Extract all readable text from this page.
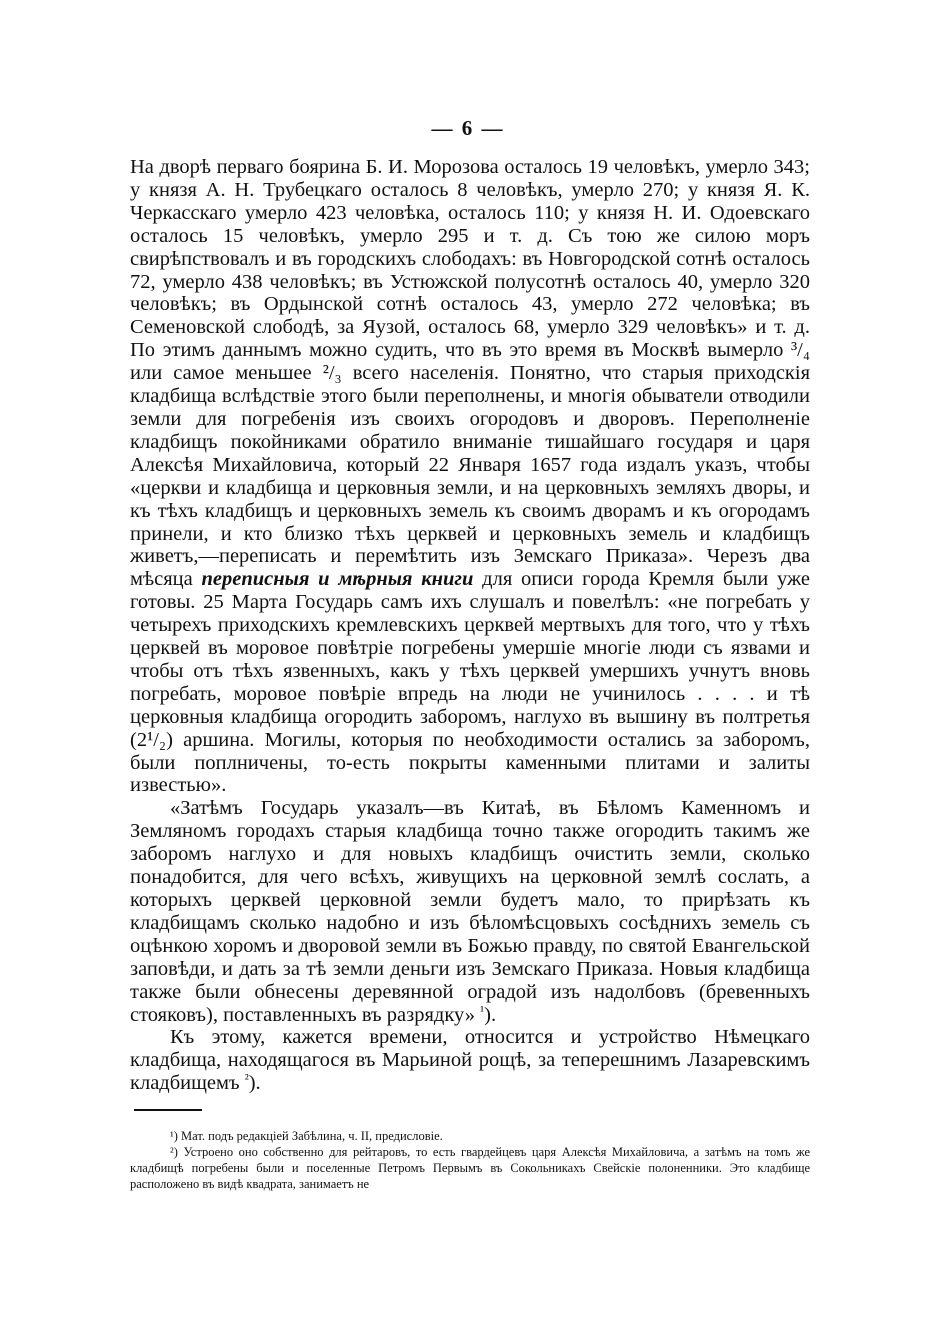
— 6 —

На дворѣ перваго боярина Б. И. Морозова осталось 19 человѣкъ, умерло 343; у князя А. Н. Трубецкаго осталось 8 человѣкъ, умерло 270; у князя Я. К. Черкасскаго умерло 423 человѣка, осталось 110; у князя Н. И. Одоевскаго осталось 15 человѣкъ, умерло 295 и т. д. Съ тою же силою моръ свирѣпствовалъ и въ городскихъ слободахъ: въ Новгородской сотнѣ осталось 72, умерло 438 человѣкъ; въ Устюжской полусотнѣ осталось 40, умерло 320 человѣкъ; въ Ордынской сотнѣ осталось 43, умерло 272 человѣка; въ Семеновской слободѣ, за Яузой, осталось 68, умерло 329 человѣкъ» и т. д. По этимъ даннымъ можно судить, что въ это время въ Москвѣ вымерло ³/₄ или самое меньшее ²/₃ всего населенія. Понятно, что старыя приходскія кладбища вслѣдствіе этого были переполнены, и многія обыватели отводили земли для погребенія изъ своихъ огородовъ и дворовъ. Переполненіе кладбищъ покойниками обратило вниманіе тишайшаго государя и царя Алексѣя Михайловича, который 22 Января 1657 года издалъ указъ, чтобы «церкви и кладбища и церковныя земли, и на церковныхъ земляхъ дворы, и къ тѣхъ кладбищъ и церковныхъ земель къ своимъ дворамъ и къ огородамъ принели, и кто близко тѣхъ церквей и церковныхъ земель и кладбищъ живетъ,—переписать и перемѣтить изъ Земскаго Приказа». Черезъ два мѣсяца переписныя и мѣрныя книги для описи города Кремля были уже готовы. 25 Марта Государь самъ ихъ слушалъ и повелѣлъ: «не погребать у четырехъ приходскихъ кремлевскихъ церквей мертвыхъ для того, что у тѣхъ церквей въ моровое повѣтріе погребены умершіе многіе люди съ язвами и чтобы отъ тѣхъ язвенныхъ, какъ у тѣхъ церквей умершихъ учнутъ вновь погребать, моровое повѣріе впредь на люди не учинилось . . . . и тѣ церковныя кладбища огородить заборомъ, наглухо въ вышину въ полтретья (2¹/₂) аршина. Могилы, которыя по необходимости остались за заборомъ, были поплничены, то-есть покрыты каменными плитами и залиты известью».

«Затѣмъ Государь указалъ—въ Китаѣ, въ Бѣломъ Каменномъ и Земляномъ городахъ старыя кладбища точно также огородить такимъ же заборомъ наглухо и для новыхъ кладбищъ очистить земли, сколько понадобится, для чего всѣхъ, живущихъ на церковной землѣ сослать, а которыхъ церквей церковной земли будетъ мало, то прирѣзать къ кладбищамъ сколько надобно и изъ бѣломѣсцовыхъ сосѣднихъ земель съ оцѣнкою хоромъ и дворовой земли въ Божью правду, по святой Евангельской заповѣди, и дать за тѣ земли деньги изъ Земскаго Приказа. Новыя кладбища также были обнесены деревянной оградой изъ надолбовъ (бревенныхъ стояковъ), поставленныхъ въ разрядку» $^{^1}$).

Къ этому, кажется времени, относится и устройство Нѣмецкаго кладбища, находящагося въ Марьиной рощѣ, за теперешнимъ Лазаревскимъ кладбищемъ $^{^2}$).

¹) Мат. подъ редакціей Забѣлина, ч. II, предисловіе.

²) Устроено оно собственно для рейтаровъ, то есть гвардейцевъ царя Алексѣя Михайловича, а затѣмъ на томъ же кладбищѣ погребены были и поселенные Петромъ Первымъ въ Сокольникахъ Свейскіе полоненники. Это кладбище расположено въ видѣ квадрата, занимаетъ не
